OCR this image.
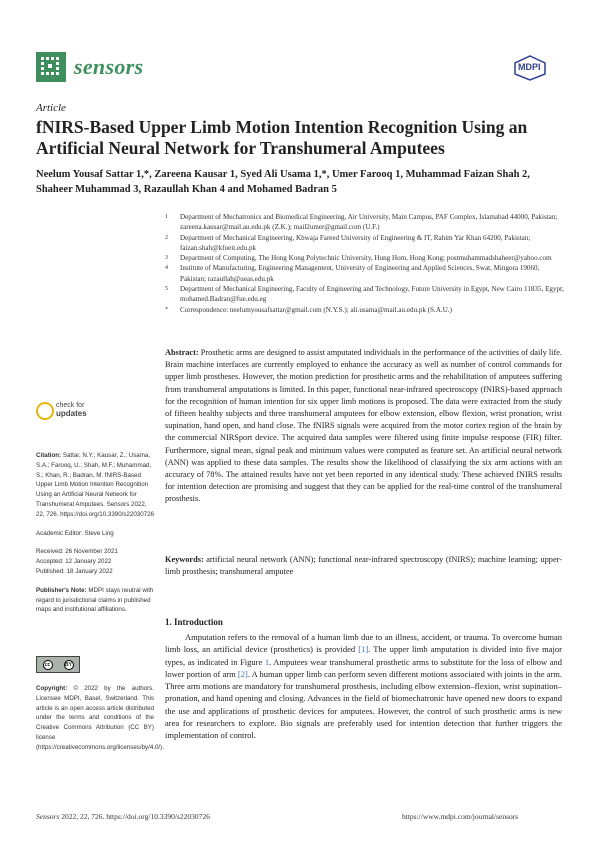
sensors	MDPI
Article
fNIRS-Based Upper Limb Motion Intention Recognition Using an Artificial Neural Network for Transhumeral Amputees
Neelum Yousaf Sattar 1,*, Zareena Kausar 1, Syed Ali Usama 1,*, Umer Farooq 1, Muhammad Faizan Shah 2,
Shaheer Muhammad 3, Razaullah Khan 4 and Mohamed Badran 5
1 Department of Mechatronics and Biomedical Engineering, Air University, Main Campus, PAF Complex, Islamabad 44000, Pakistan; zareena.kausar@mail.au.edu.pk (Z.K.); mail2umer@gmail.com (U.F.)
2 Department of Mechanical Engineering, Khwaja Fareed University of Engineering & IT, Rahim Yar Khan 64200, Pakistan; faizan.shah@kfueit.edu.pk
3 Department of Computing, The Hong Kong Polytechnic University, Hung Hom, Hong Kong; postmuhammadshaheer@yahoo.com
4 Institute of Manufacturing, Engineering Management, University of Engineering and Applied Sciences, Swat, Mingora 19060, Pakistan; razaullah@ueas.edu.pk
5 Department of Mechanical Engineering, Faculty of Engineering and Technology, Future University in Egypt, New Cairo 11835, Egypt; mohamed.Badran@fue.edu.eg
* Correspondence: neelumyousafsattar@gmail.com (N.Y.S.); ali.usama@mail.au.edu.pk (S.A.U.)
check for
updates
Citation: Sattar, N.Y.; Kausar, Z.; Usama, S.A.; Farooq, U.; Shah, M.F.; Muhammad, S.; Khan, R.; Badran, M. fNIRS-Based Upper Limb Motion Intention Recognition Using an Artificial Neural Network for Transhumeral Amputees. Sensors 2022, 22, 726. https://doi.org/10.3390/s22030726
Academic Editor: Steve Ling
Received: 26 November 2021
Accepted: 12 January 2022
Published: 18 January 2022
Publisher's Note: MDPI stays neutral with regard to jurisdictional claims in published maps and institutional affiliations.
cc	BY
Copyright: © 2022 by the authors. Licensee MDPI, Basel, Switzerland. This article is an open access article distributed under the terms and conditions of the Creative Commons Attribution (CC BY) license (https://creativecommons.org/licenses/by/4.0/).
Abstract: Prosthetic arms are designed to assist amputated individuals in the performance of the activities of daily life. Brain machine interfaces are currently employed to enhance the accuracy as well as number of control commands for upper limb prostheses. However, the motion prediction for prosthetic arms and the rehabilitation of amputees suffering from transhumeral amputations is limited. In this paper, functional near-infrared spectroscopy (fNIRS)-based approach for the recognition of human intention for six upper limb motions is proposed. The data were extracted from the study of fifteen healthy subjects and three transhumeral amputees for elbow extension, elbow flexion, wrist pronation, wrist supination, hand open, and hand close. The fNIRS signals were acquired from the motor cortex region of the brain by the commercial NIRSport device. The acquired data samples were filtered using finite impulse response (FIR) filter. Furthermore, signal mean, signal peak and minimum values were computed as feature set. An artificial neural network (ANN) was applied to these data samples. The results show the likelihood of classifying the six arm actions with an accuracy of 78%. The attained results have not yet been reported in any identical study. These achieved fNIRS results for intention detection are promising and suggest that they can be applied for the real-time control of the transhumeral prosthesis.
Keywords: artificial neural network (ANN); functional near-infrared spectroscopy (fNIRS); machine learning; upper-limb prosthesis; transhumeral amputee
1. Introduction
Amputation refers to the removal of a human limb due to an illness, accident, or trauma. To overcome human limb loss, an artificial device (prosthetics) is provided [1]. The upper limb amputation is divided into five major types, as indicated in Figure 1. Amputees wear transhumeral prosthetic arms to substitute for the loss of elbow and lower portion of arm [2]. A human upper limb can perform seven different motions associated with joints in the arm. Three arm motions are mandatory for transhumeral prosthesis, including elbow extension–flexion, wrist supination–pronation, and hand opening and closing. Advances in the field of biomechatronic have opened new doors to expand the use and applications of prosthetic devices for amputees. However, the control of such prosthetic arms is new area for researchers to explore. Bio signals are preferably used for intention detection that further triggers the implementation of control.
Sensors 2022, 22, 726. https://doi.org/10.3390/s22030726	https://www.mdpi.com/journal/sensors
